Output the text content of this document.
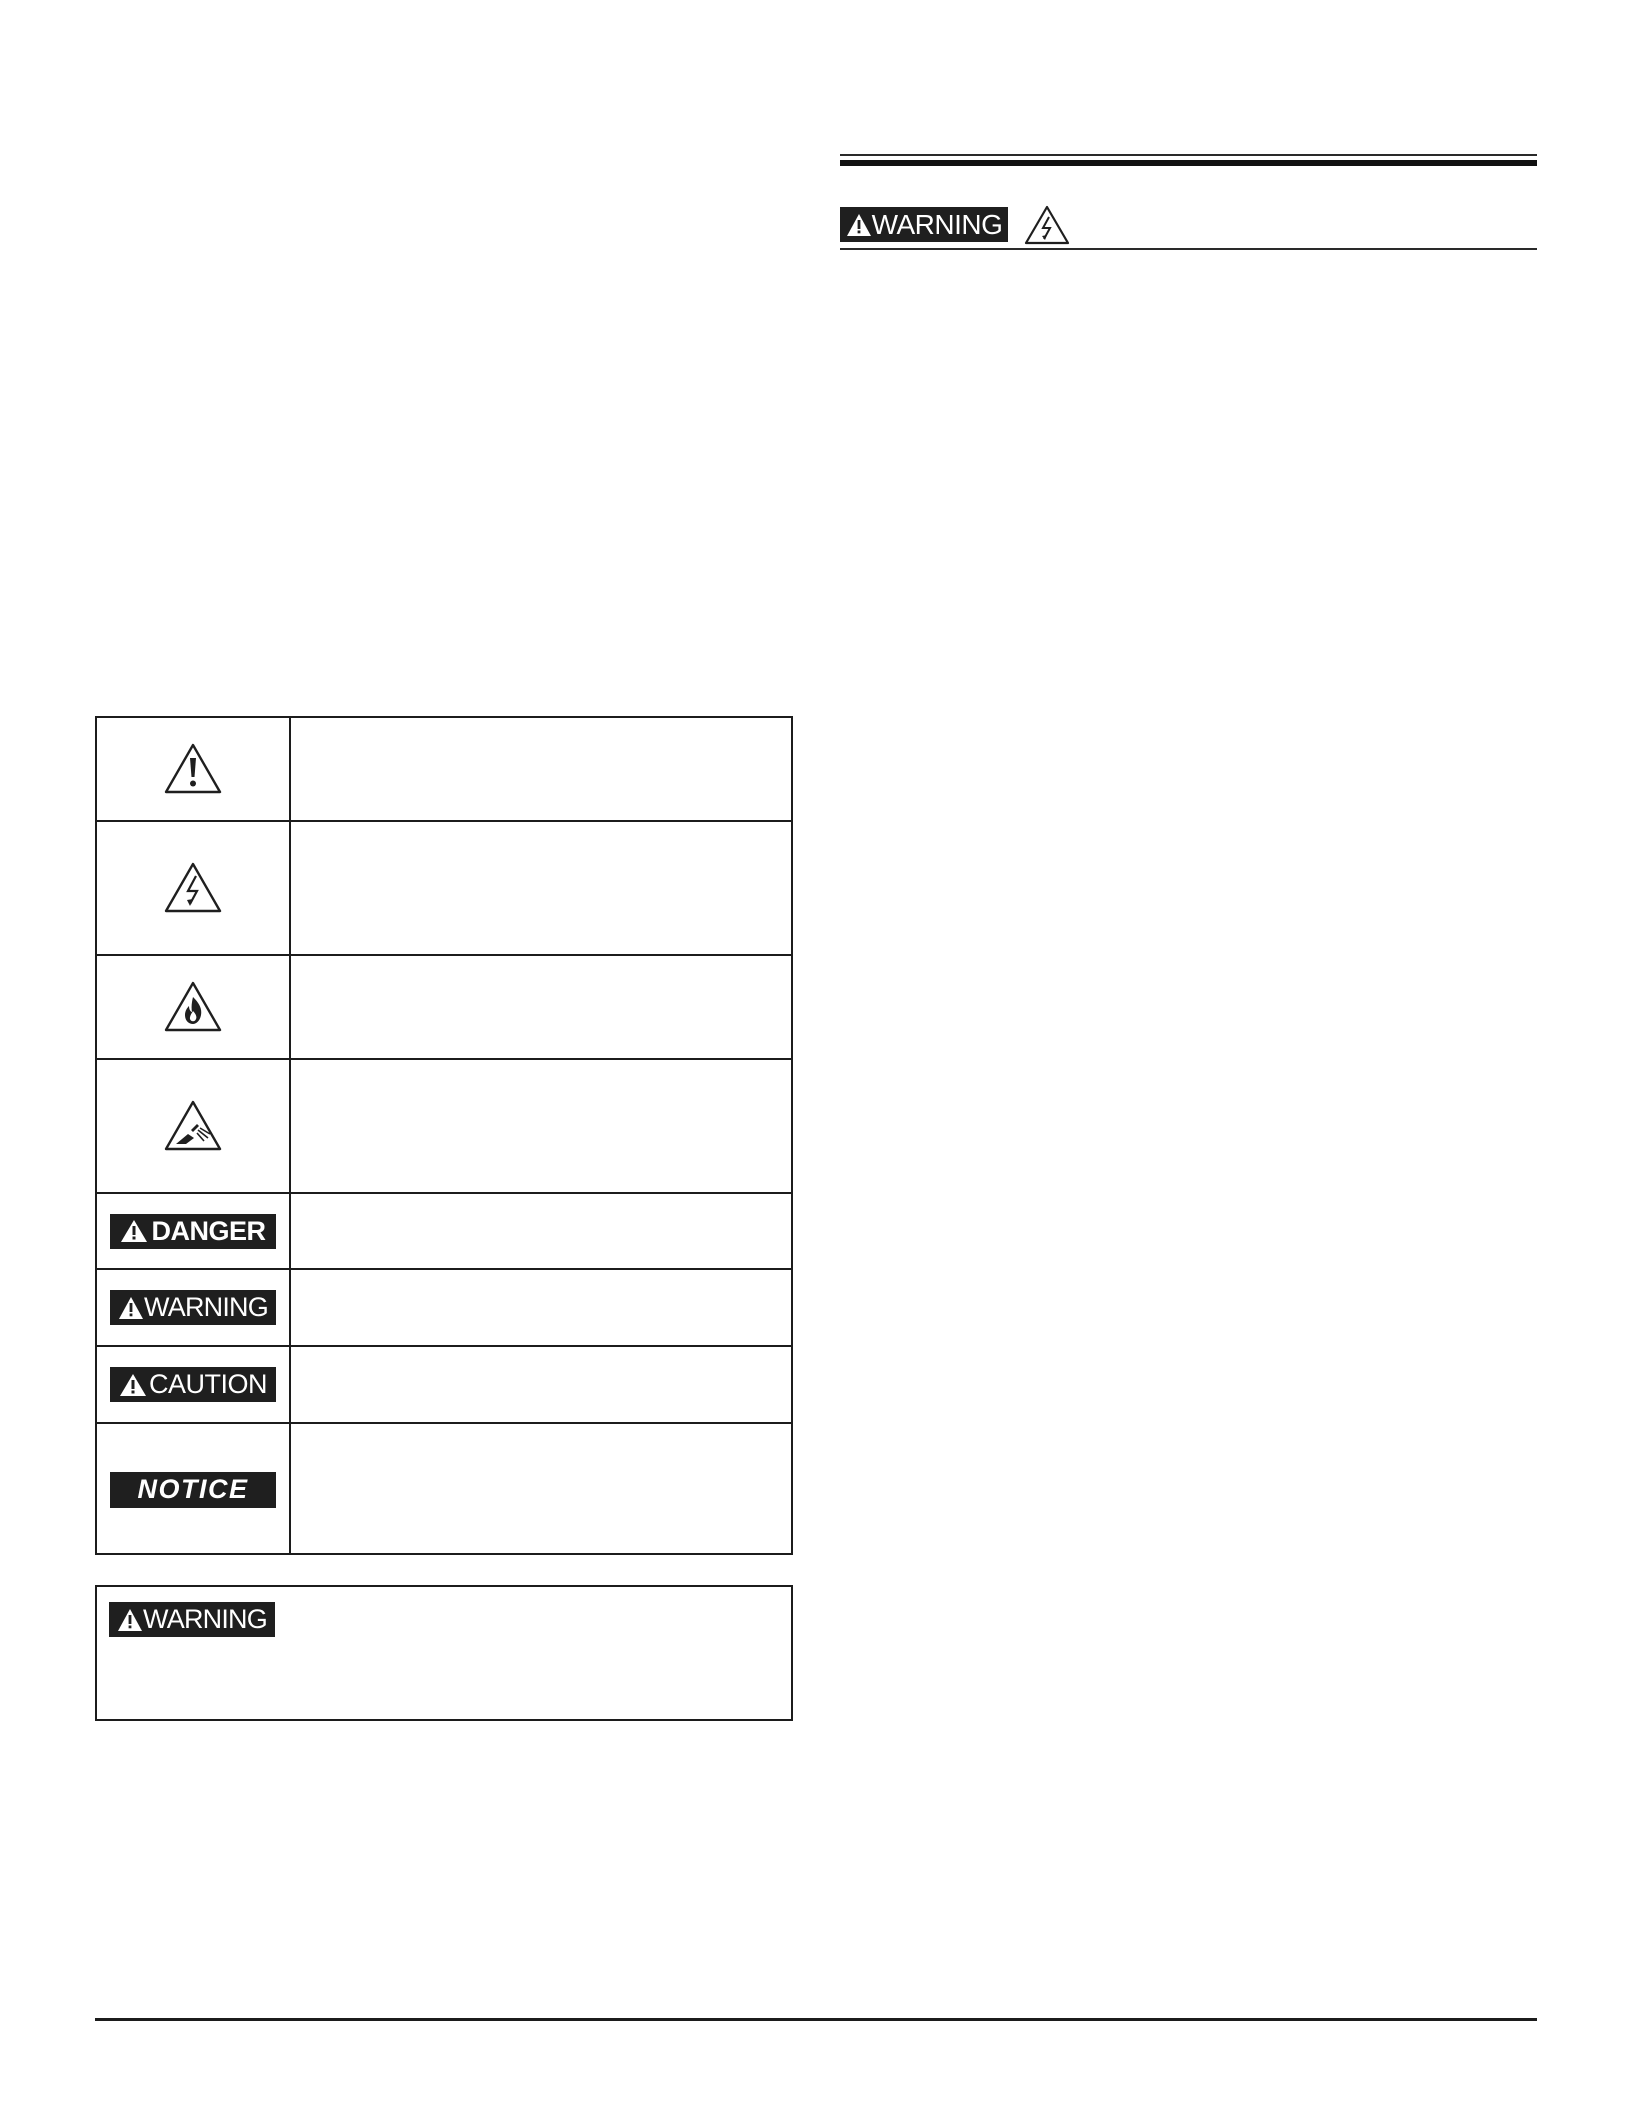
WARNING
DANGER
WARNING
CAUTION
NOTICE
WARNING
